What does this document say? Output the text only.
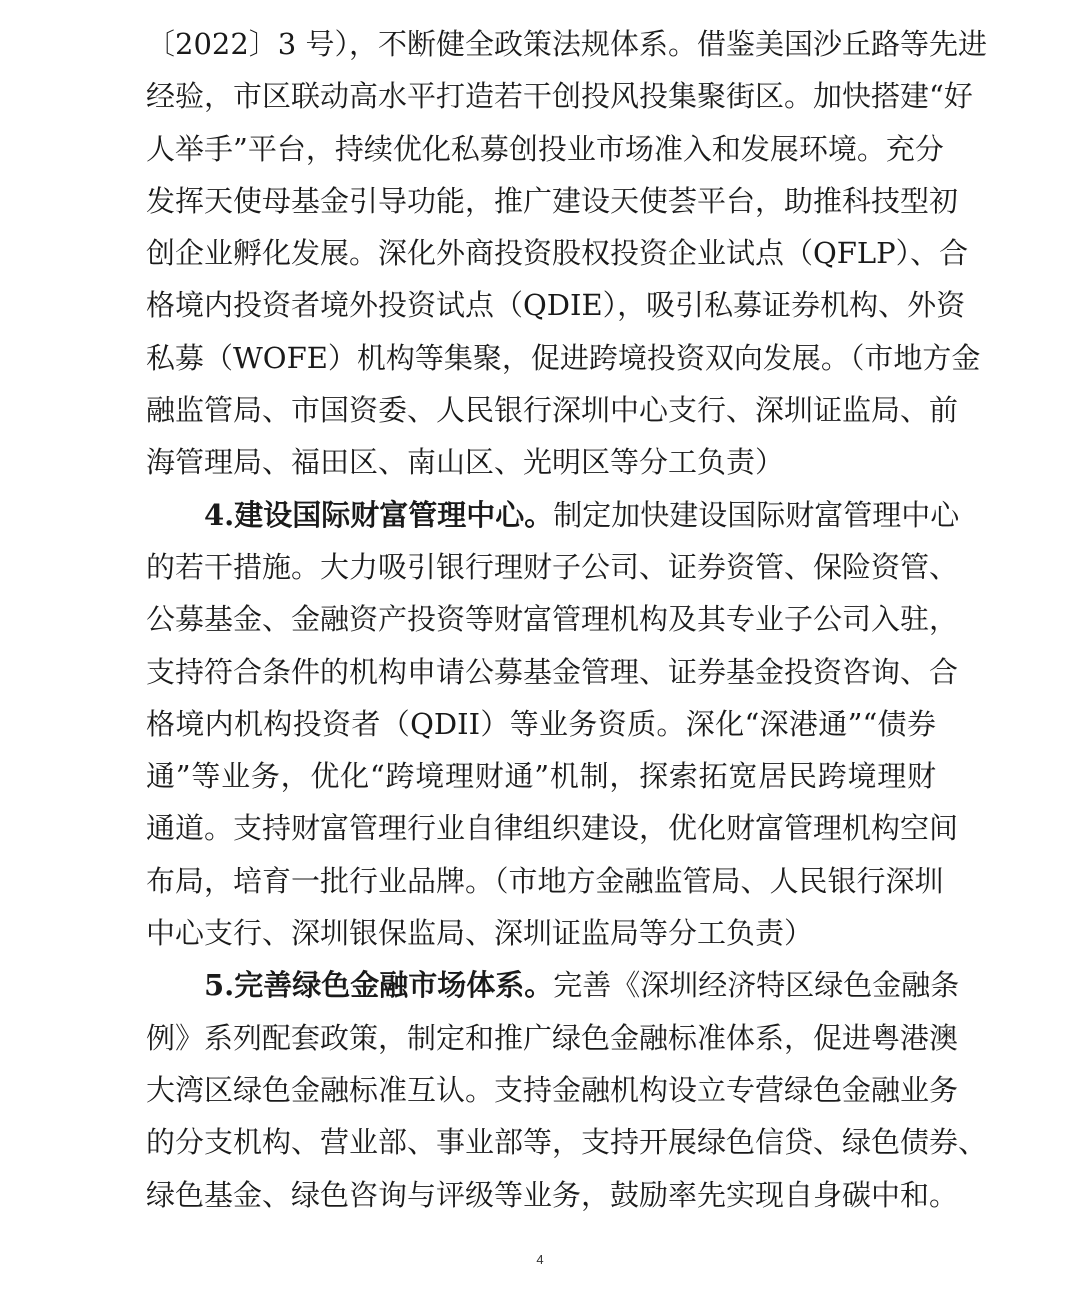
〔2022〕3 号），不断健全政策法规体系。借鉴美国沙丘路等先进
经验，市区联动高水平打造若干创投风投集聚街区。加快搭建“好
人举手”平台，持续优化私募创投业市场准入和发展环境。充分
发挥天使母基金引导功能，推广建设天使荟平台，助推科技型初
创企业孵化发展。深化外商投资股权投资企业试点（QFLP）、合
格境内投资者境外投资试点（QDIE），吸引私募证券机构、外资
私募（WOFE）机构等集聚，促进跨境投资双向发展。（市地方金
融监管局、市国资委、人民银行深圳中心支行、深圳证监局、前
海管理局、福田区、南山区、光明区等分工负责）
4.建设国际财富管理中心。制定加快建设国际财富管理中心
的若干措施。大力吸引银行理财子公司、证券资管、保险资管、
公募基金、金融资产投资等财富管理机构及其专业子公司入驻，
支持符合条件的机构申请公募基金管理、证券基金投资咨询、合
格境内机构投资者（QDII）等业务资质。深化“深港通”“债券
通”等业务，优化“跨境理财通”机制，探索拓宽居民跨境理财
通道。支持财富管理行业自律组织建设，优化财富管理机构空间
布局，培育一批行业品牌。（市地方金融监管局、人民银行深圳
中心支行、深圳银保监局、深圳证监局等分工负责）
5.完善绿色金融市场体系。完善《深圳经济特区绿色金融条
例》系列配套政策，制定和推广绿色金融标准体系，促进粤港澳
大湾区绿色金融标准互认。支持金融机构设立专营绿色金融业务
的分支机构、营业部、事业部等，支持开展绿色信贷、绿色债券、
绿色基金、绿色咨询与评级等业务，鼓励率先实现自身碳中和。
4
